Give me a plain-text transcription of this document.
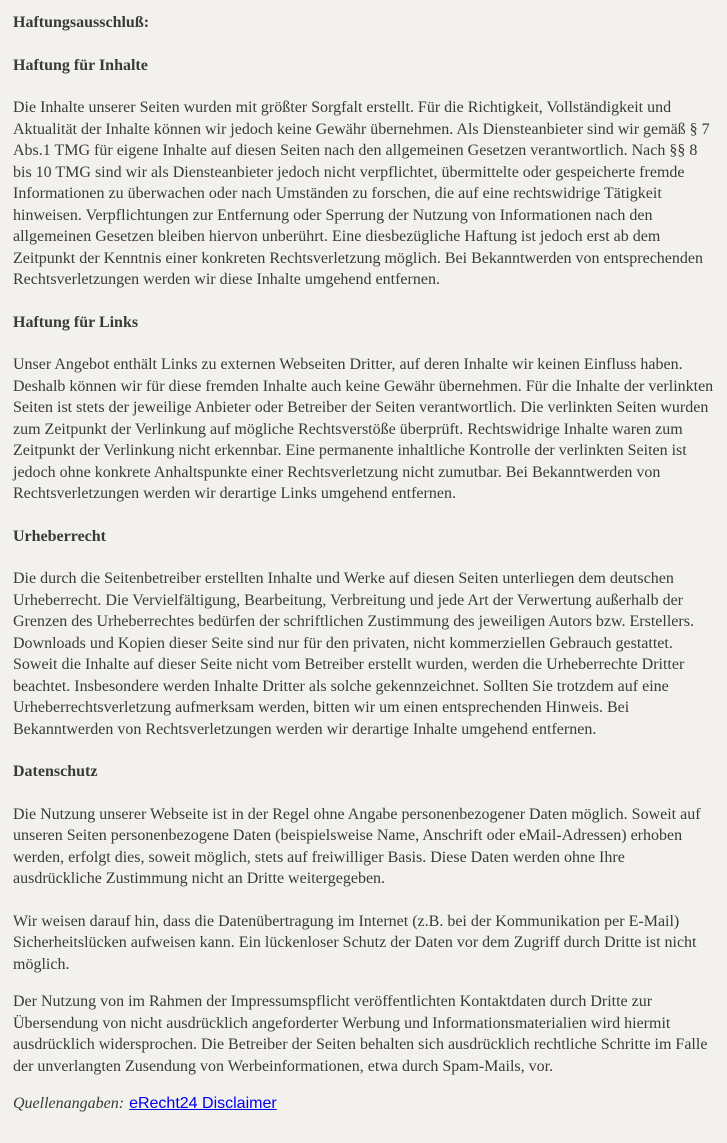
Haftungsausschluß:
Haftung für Inhalte

Die Inhalte unserer Seiten wurden mit größter Sorgfalt erstellt. Für die Richtigkeit, Vollständigkeit und Aktualität der Inhalte können wir jedoch keine Gewähr übernehmen. Als Diensteanbieter sind wir gemäß § 7 Abs.1 TMG für eigene Inhalte auf diesen Seiten nach den allgemeinen Gesetzen verantwortlich. Nach §§ 8 bis 10 TMG sind wir als Diensteanbieter jedoch nicht verpflichtet, übermittelte oder gespeicherte fremde Informationen zu überwachen oder nach Umständen zu forschen, die auf eine rechtswidrige Tätigkeit hinweisen. Verpflichtungen zur Entfernung oder Sperrung der Nutzung von Informationen nach den allgemeinen Gesetzen bleiben hiervon unberührt. Eine diesbezügliche Haftung ist jedoch erst ab dem Zeitpunkt der Kenntnis einer konkreten Rechtsverletzung möglich. Bei Bekanntwerden von entsprechenden Rechtsverletzungen werden wir diese Inhalte umgehend entfernen.

Haftung für Links

Unser Angebot enthält Links zu externen Webseiten Dritter, auf deren Inhalte wir keinen Einfluss haben. Deshalb können wir für diese fremden Inhalte auch keine Gewähr übernehmen. Für die Inhalte der verlinkten Seiten ist stets der jeweilige Anbieter oder Betreiber der Seiten verantwortlich. Die verlinkten Seiten wurden zum Zeitpunkt der Verlinkung auf mögliche Rechtsverstöße überprüft. Rechtswidrige Inhalte waren zum Zeitpunkt der Verlinkung nicht erkennbar. Eine permanente inhaltliche Kontrolle der verlinkten Seiten ist jedoch ohne konkrete Anhaltspunkte einer Rechtsverletzung nicht zumutbar. Bei Bekanntwerden von Rechtsverletzungen werden wir derartige Links umgehend entfernen.

Urheberrecht

Die durch die Seitenbetreiber erstellten Inhalte und Werke auf diesen Seiten unterliegen dem deutschen Urheberrecht. Die Vervielfältigung, Bearbeitung, Verbreitung und jede Art der Verwertung außerhalb der Grenzen des Urheberrechtes bedürfen der schriftlichen Zustimmung des jeweiligen Autors bzw. Erstellers. Downloads und Kopien dieser Seite sind nur für den privaten, nicht kommerziellen Gebrauch gestattet. Soweit die Inhalte auf dieser Seite nicht vom Betreiber erstellt wurden, werden die Urheberrechte Dritter beachtet. Insbesondere werden Inhalte Dritter als solche gekennzeichnet. Sollten Sie trotzdem auf eine Urheberrechtsverletzung aufmerksam werden, bitten wir um einen entsprechenden Hinweis. Bei Bekanntwerden von Rechtsverletzungen werden wir derartige Inhalte umgehend entfernen.

Datenschutz

Die Nutzung unserer Webseite ist in der Regel ohne Angabe personenbezogener Daten möglich. Soweit auf unseren Seiten personenbezogene Daten (beispielsweise Name, Anschrift oder eMail-Adressen) erhoben werden, erfolgt dies, soweit möglich, stets auf freiwilliger Basis. Diese Daten werden ohne Ihre ausdrückliche Zustimmung nicht an Dritte weitergegeben.

Wir weisen darauf hin, dass die Datenübertragung im Internet (z.B. bei der Kommunikation per E-Mail) Sicherheitslücken aufweisen kann. Ein lückenloser Schutz der Daten vor dem Zugriff durch Dritte ist nicht möglich.

Der Nutzung von im Rahmen der Impressumspflicht veröffentlichten Kontaktdaten durch Dritte zur Übersendung von nicht ausdrücklich angeforderter Werbung und Informationsmaterialien wird hiermit ausdrücklich widersprochen. Die Betreiber der Seiten behalten sich ausdrücklich rechtliche Schritte im Falle der unverlangten Zusendung von Werbeinformationen, etwa durch Spam-Mails, vor.

Quellenangaben: eRecht24 Disclaimer
